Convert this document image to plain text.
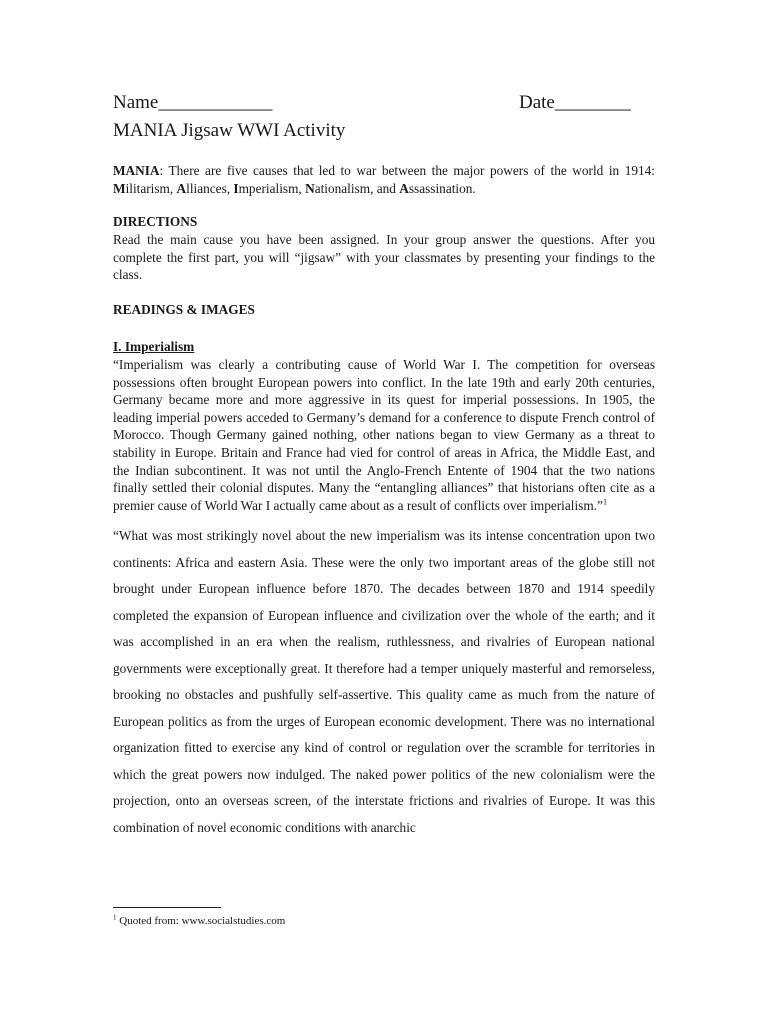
Name____________	Date________
MANIA Jigsaw WWI Activity

MANIA: There are five causes that led to war between the major powers of the world in 1914: Militarism, Alliances, Imperialism, Nationalism, and Assassination.

DIRECTIONS

Read the main cause you have been assigned. In your group answer the questions. After you complete the first part, you will “jigsaw” with your classmates by presenting your findings to the class.

READINGS & IMAGES

I. Imperialism

“Imperialism was clearly a contributing cause of World War I. The competition for overseas possessions often brought European powers into conflict. In the late 19th and early 20th centuries, Germany became more and more aggressive in its quest for imperial possessions. In 1905, the leading imperial powers acceded to Germany’s demand for a conference to dispute French control of Morocco. Though Germany gained nothing, other nations began to view Germany as a threat to stability in Europe. Britain and France had vied for control of areas in Africa, the Middle East, and the Indian subcontinent. It was not until the Anglo-French Entente of 1904 that the two nations finally settled their colonial disputes. Many the “entangling alliances” that historians often cite as a premier cause of World War I actually came about as a result of conflicts over imperialism.”$^1$

“What was most strikingly novel about the new imperialism was its intense concentration upon two continents: Africa and eastern Asia. These were the only two important areas of the globe still not brought under European influence before 1870. The decades between 1870 and 1914 speedily completed the expansion of European influence and civilization over the whole of the earth; and it was accomplished in an era when the realism, ruthlessness, and rivalries of European national governments were exceptionally great. It therefore had a temper uniquely masterful and remorseless, brooking no obstacles and pushfully self-assertive. This quality came as much from the nature of European politics as from the urges of European economic development. There was no international organization fitted to exercise any kind of control or regulation over the scramble for territories in which the great powers now indulged. The naked power politics of the new colonialism were the projection, onto an overseas screen, of the interstate frictions and rivalries of Europe. It was this combination of novel economic conditions with anarchic

$^1$ Quoted from: www.socialstudies.com
